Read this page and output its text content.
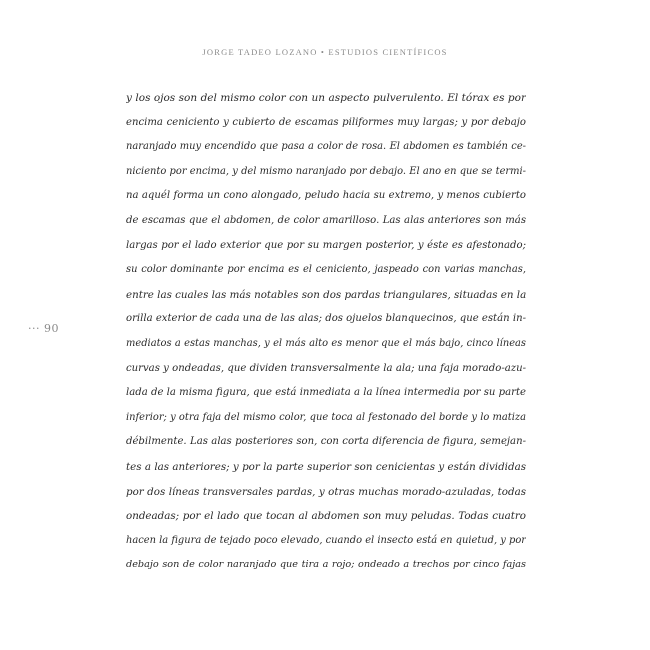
JORGE TADEO LOZANO • ESTUDIOS CIENTÍFICOS
··· 90
y los ojos son del mismo color con un aspecto pulverulento. El tórax es por
encima ceniciento y cubierto de escamas piliformes muy largas; y por debajo
naranjado muy encendido que pasa a color de rosa. El abdomen es también ce-
niciento por encima, y del mismo naranjado por debajo. El ano en que se termi-
na aquél forma un cono alongado, peludo hacia su extremo, y menos cubierto
de escamas que el abdomen, de color amarilloso. Las alas anteriores son más
largas por el lado exterior que por su margen posterior, y éste es afestonado;
su color dominante por encima es el ceniciento, jaspeado con varias manchas,
entre las cuales las más notables son dos pardas triangulares, situadas en la
orilla exterior de cada una de las alas; dos ojuelos blanquecinos, que están in-
mediatos a estas manchas, y el más alto es menor que el más bajo, cinco líneas
curvas y ondeadas, que dividen transversalmente la ala; una faja morado-azu-
lada de la misma figura, que está inmediata a la línea intermedia por su parte
inferior; y otra faja del mismo color, que toca al festonado del borde y lo matiza
débilmente. Las alas posteriores son, con corta diferencia de figura, semejan-
tes a las anteriores; y por la parte superior son cenicientas y están divididas
por dos líneas transversales pardas, y otras muchas morado-azuladas, todas
ondeadas; por el lado que tocan al abdomen son muy peludas. Todas cuatro
hacen la figura de tejado poco elevado, cuando el insecto está en quietud, y por
debajo son de color naranjado que tira a rojo; ondeado a trechos por cinco fajas
